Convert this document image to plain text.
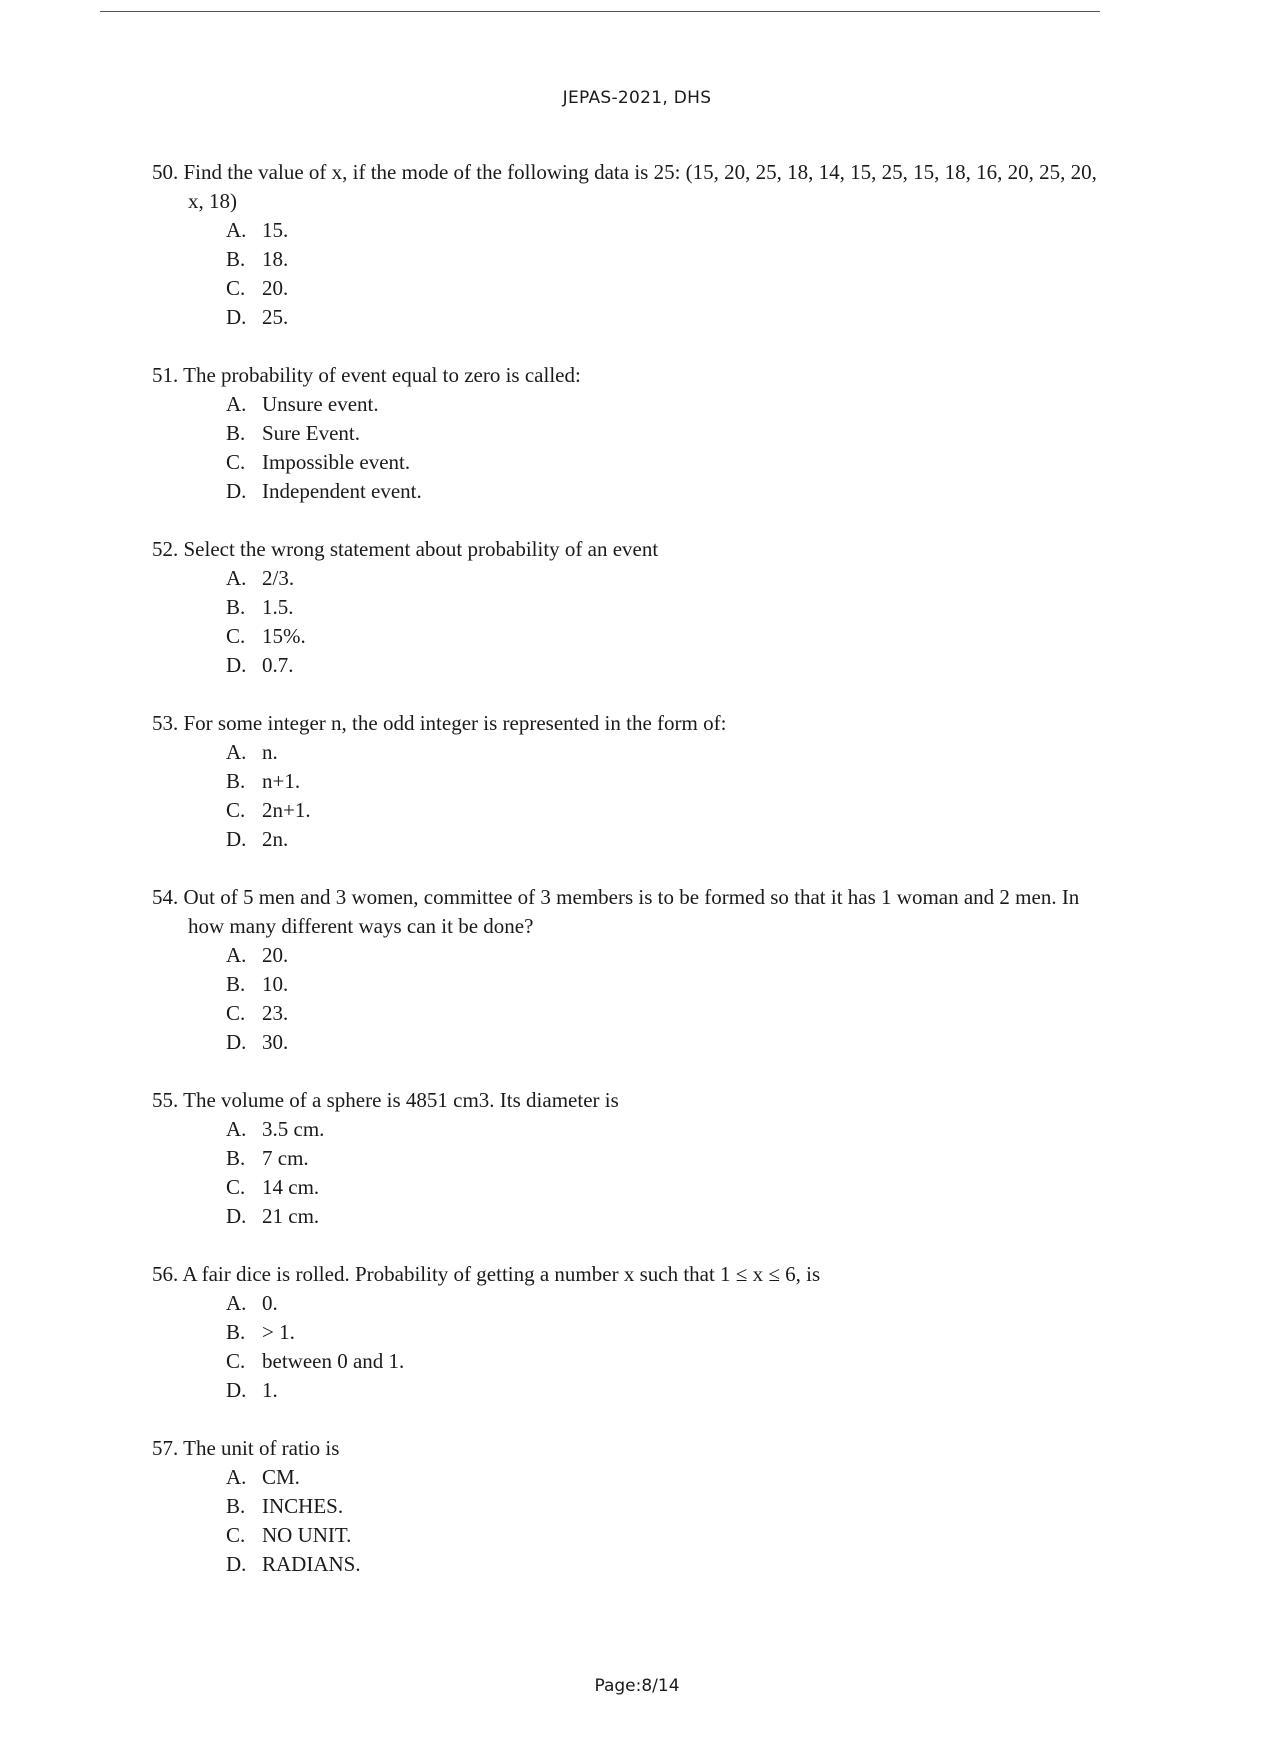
JEPAS-2021, DHS
50. Find the value of x, if the mode of the following data is 25: (15, 20, 25, 18, 14, 15, 25, 15, 18, 16, 20, 25, 20, x, 18)
A. 15.
B. 18.
C. 20.
D. 25.
51. The probability of event equal to zero is called:
A. Unsure event.
B. Sure Event.
C. Impossible event.
D. Independent event.
52. Select the wrong statement about probability of an event
A. 2/3.
B. 1.5.
C. 15%.
D. 0.7.
53. For some integer n, the odd integer is represented in the form of:
A. n.
B. n+1.
C. 2n+1.
D. 2n.
54. Out of 5 men and 3 women, committee of 3 members is to be formed so that it has 1 woman and 2 men. In how many different ways can it be done?
A. 20.
B. 10.
C. 23.
D. 30.
55. The volume of a sphere is 4851 cm3. Its diameter is
A. 3.5 cm.
B. 7 cm.
C. 14 cm.
D. 21 cm.
56. A fair dice is rolled. Probability of getting a number x such that 1 ≤ x ≤ 6, is
A. 0.
B. > 1.
C. between 0 and 1.
D. 1.
57. The unit of ratio is
A. CM.
B. INCHES.
C. NO UNIT.
D. RADIANS.
Page:8/14
